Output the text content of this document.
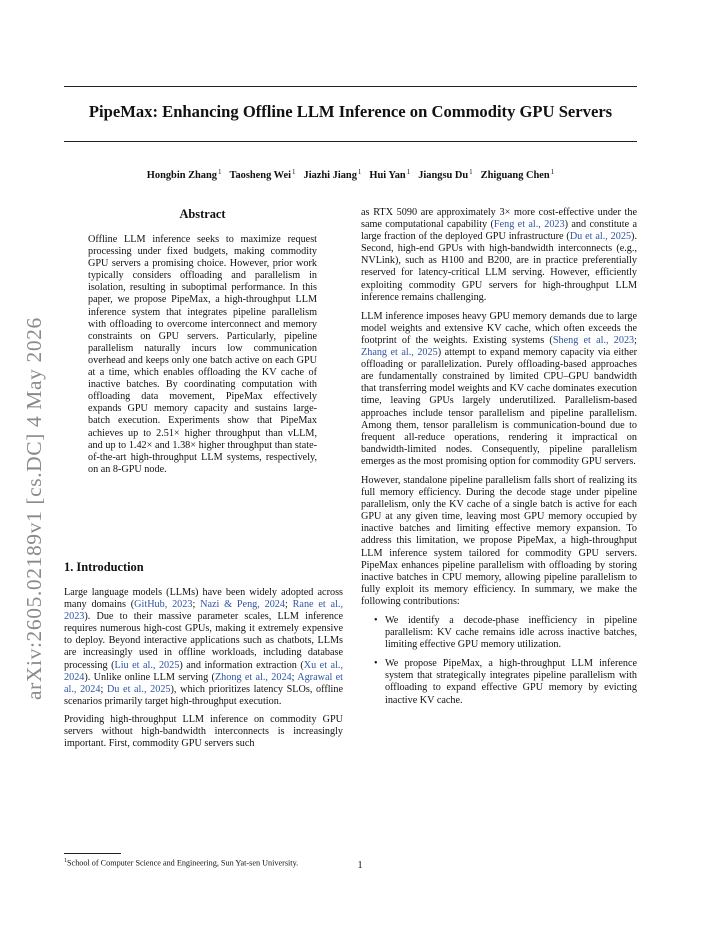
arXiv:2605.02189v1 [cs.DC] 4 May 2026
PipeMax: Enhancing Offline LLM Inference on Commodity GPU Servers
Hongbin Zhang$^1$ Taosheng Wei$^1$ Jiazhi Jiang$^1$ Hui Yan$^1$ Jiangsu Du$^1$ Zhiguang Chen$^1$
Abstract

Offline LLM inference seeks to maximize request processing under fixed budgets, making commodity GPU servers a promising choice. However, prior work typically considers offloading and parallelism in isolation, resulting in suboptimal performance. In this paper, we propose PipeMax, a high-throughput LLM inference system that integrates pipeline parallelism with offloading to overcome interconnect and memory constraints on GPU servers. Particularly, pipeline parallelism naturally incurs low communication overhead and keeps only one batch active on each GPU at a time, which enables offloading the KV cache of inactive batches. By coordinating computation with offloading data movement, PipeMax effectively expands GPU memory capacity and sustains large-batch execution. Experiments show that PipeMax achieves up to 2.51× higher throughput than vLLM, and up to 1.42× and 1.38× higher throughput than state-of-the-art high-throughput LLM systems, respectively, on an 8-GPU node.

1. Introduction

Large language models (LLMs) have been widely adopted across many domains (GitHub, 2023; Nazi & Peng, 2024; Rane et al., 2023). Due to their massive parameter scales, LLM inference requires numerous high-cost GPUs, making it extremely expensive to deploy. Beyond interactive applications such as chatbots, LLMs are increasingly used in offline workloads, including database processing (Liu et al., 2025) and information extraction (Xu et al., 2024). Unlike online LLM serving (Zhong et al., 2024; Agrawal et al., 2024; Du et al., 2025), which prioritizes latency SLOs, offline scenarios primarily target high-throughput execution.

Providing high-throughput LLM inference on commodity GPU servers without high-bandwidth interconnects is increasingly important. First, commodity GPU servers such

as RTX 5090 are approximately 3× more cost-effective under the same computational capability (Feng et al., 2023) and constitute a large fraction of the deployed GPU infrastructure (Du et al., 2025). Second, high-end GPUs with high-bandwidth interconnects (e.g., NVLink), such as H100 and B200, are in practice preferentially reserved for latency-critical LLM serving. However, efficiently exploiting commodity GPU servers for high-throughput LLM inference remains challenging.

LLM inference imposes heavy GPU memory demands due to large model weights and extensive KV cache, which often exceeds the footprint of the weights. Existing systems (Sheng et al., 2023; Zhang et al., 2025) attempt to expand memory capacity via either offloading or parallelization. Purely offloading-based approaches are fundamentally constrained by limited CPU–GPU bandwidth that transferring model weights and KV cache dominates execution time, leaving GPUs largely underutilized. Parallelism-based approaches include tensor parallelism and pipeline parallelism. Among them, tensor parallelism is communication-bound due to frequent all-reduce operations, rendering it impractical on bandwidth-limited nodes. Consequently, pipeline parallelism emerges as the most promising option for commodity GPU servers.

However, standalone pipeline parallelism falls short of realizing its full memory efficiency. During the decode stage under pipeline parallelism, only the KV cache of a single batch is active for each GPU at any given time, leaving most GPU memory occupied by inactive batches and limiting effective memory expansion. To address this limitation, we propose PipeMax, a high-throughput LLM inference system tailored for commodity GPU servers. PipeMax enhances pipeline parallelism with offloading by storing inactive batches in CPU memory, allowing pipeline parallelism to fully exploit its memory efficiency. In summary, we make the following contributions:

• We identify a decode-phase inefficiency in pipeline parallelism: KV cache remains idle across inactive batches, limiting effective GPU memory utilization.
• We propose PipeMax, a high-throughput LLM inference system that strategically integrates pipeline parallelism with offloading to expand effective GPU memory by evicting inactive KV cache.
$^1$School of Computer Science and Engineering, Sun Yat-sen University.	1
